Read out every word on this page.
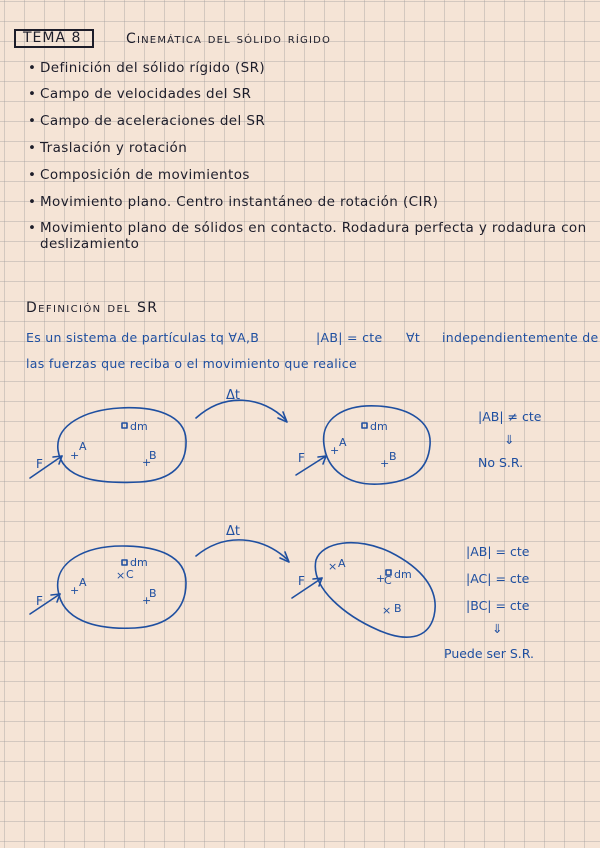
TEMA 8	Cinemática del sólido rígido
• Definición del sólido rígido (SR)
• Campo de velocidades del SR
• Campo de aceleraciones del SR
• Traslación y rotación
• Composición de movimientos
• Movimiento plano. Centro instantáneo de rotación (CIR)
• Movimiento plano de sólidos en contacto. Rodadura perfecta y rodadura con
deslizamiento
Definición del SR
Es un sistema de partículas tq ∀A,B	|AB| = cte ∀t independientemente de
las fuerzas que reciba o el movimiento que realice
+
+
+
+
+
×
+
×
+
×
Δt
dm
A
B
F
dm
A
B
F
|AB| ≠ cte
⇓
No S.R.
Δt
dm
C
A
B
F
A
C dm
B
F
|AB| = cte
|AC| = cte
|BC| = cte
⇓
Puede ser S.R.
